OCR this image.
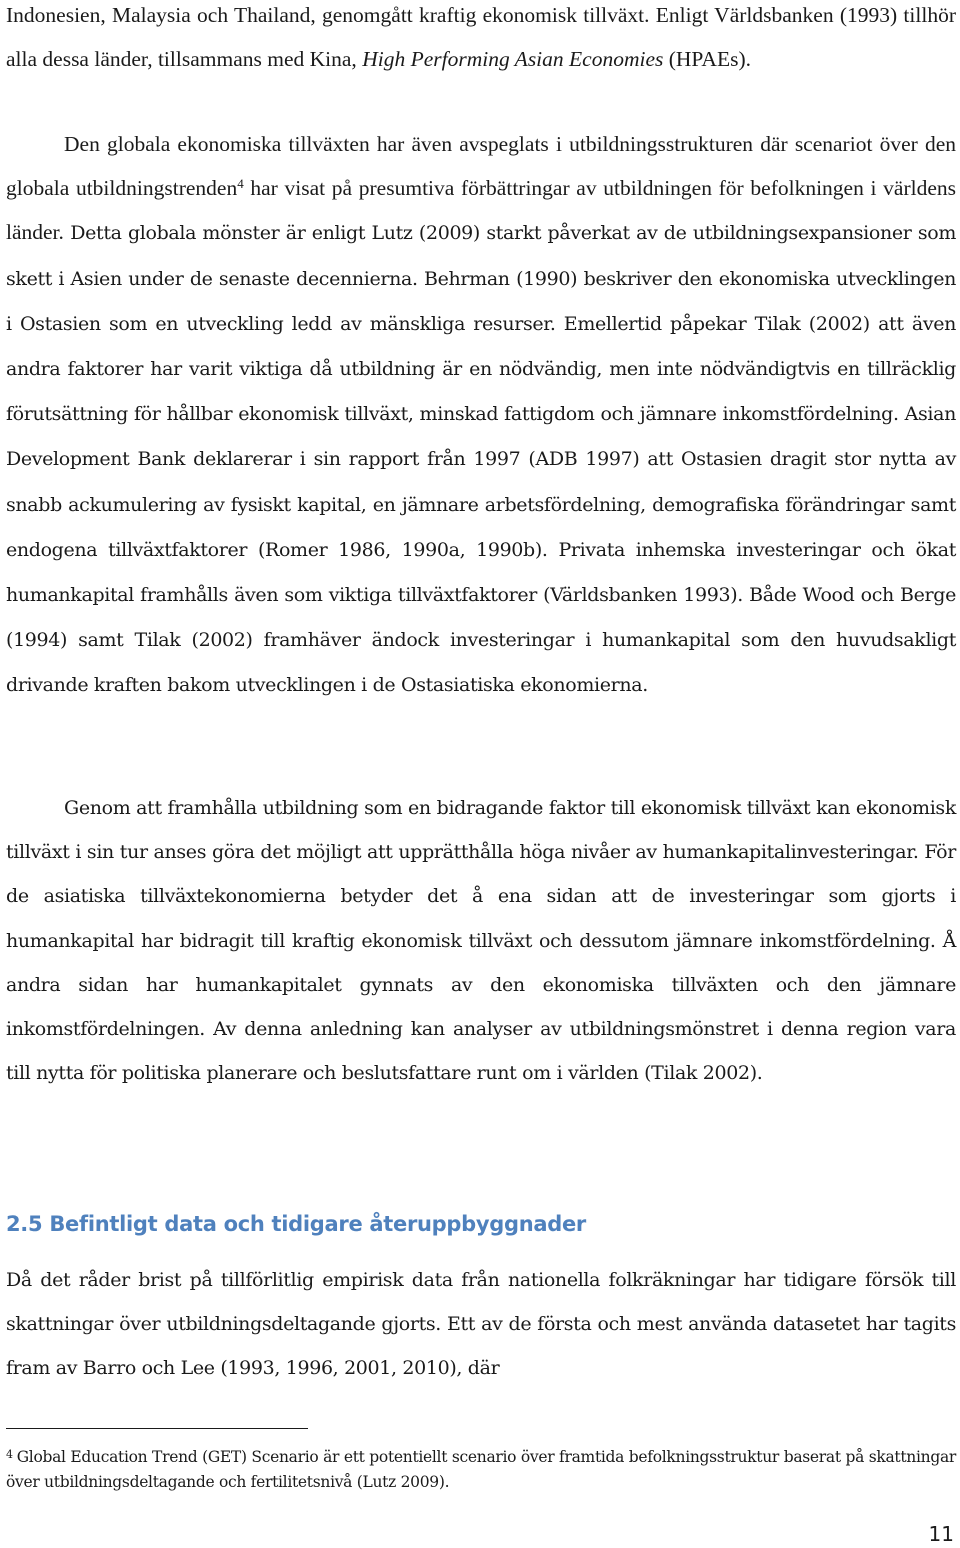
Indonesien, Malaysia och Thailand, genomgått kraftig ekonomisk tillväxt. Enligt Världsbanken (1993) tillhör alla dessa länder, tillsammans med Kina, High Performing Asian Economies (HPAEs).

Den globala ekonomiska tillväxten har även avspeglats i utbildningsstrukturen där scenariot över den globala utbildningstrenden$^4$ har visat på presumtiva förbättringar av utbildningen för befolkningen i världens länder. Detta globala mönster är enligt Lutz (2009) starkt påverkat av de utbildningsexpansioner som skett i Asien under de senaste decennierna. Behrman (1990) beskriver den ekonomiska utvecklingen i Ostasien som en utveckling ledd av mänskliga resurser. Emellertid påpekar Tilak (2002) att även andra faktorer har varit viktiga då utbildning är en nödvändig, men inte nödvändigtvis en tillräcklig förutsättning för hållbar ekonomisk tillväxt, minskad fattigdom och jämnare inkomstfördelning. Asian Development Bank deklarerar i sin rapport från 1997 (ADB 1997) att Ostasien dragit stor nytta av snabb ackumulering av fysiskt kapital, en jämnare arbetsfördelning, demografiska förändringar samt endogena tillväxtfaktorer (Romer 1986, 1990a, 1990b). Privata inhemska investeringar och ökat humankapital framhålls även som viktiga tillväxtfaktorer (Världsbanken 1993). Både Wood och Berge (1994) samt Tilak (2002) framhäver ändock investeringar i humankapital som den huvudsakligt drivande kraften bakom utvecklingen i de Ostasiatiska ekonomierna.

Genom att framhålla utbildning som en bidragande faktor till ekonomisk tillväxt kan ekonomisk tillväxt i sin tur anses göra det möjligt att upprätthålla höga nivåer av humankapitalinvesteringar. För de asiatiska tillväxtekonomierna betyder det å ena sidan att de investeringar som gjorts i humankapital har bidragit till kraftig ekonomisk tillväxt och dessutom jämnare inkomstfördelning. Å andra sidan har humankapitalet gynnats av den ekonomiska tillväxten och den jämnare inkomstfördelningen. Av denna anledning kan analyser av utbildningsmönstret i denna region vara till nytta för politiska planerare och beslutsfattare runt om i världen (Tilak 2002).

2.5 Befintligt data och tidigare återuppbyggnader

Då det råder brist på tillförlitlig empirisk data från nationella folkräkningar har tidigare försök till skattningar över utbildningsdeltagande gjorts. Ett av de första och mest använda datasetet har tagits fram av Barro och Lee (1993, 1996, 2001, 2010), där

$^4$ Global Education Trend (GET) Scenario är ett potentiellt scenario över framtida befolkningsstruktur baserat på skattningar över utbildningsdeltagande och fertilitetsnivå (Lutz 2009).

11
